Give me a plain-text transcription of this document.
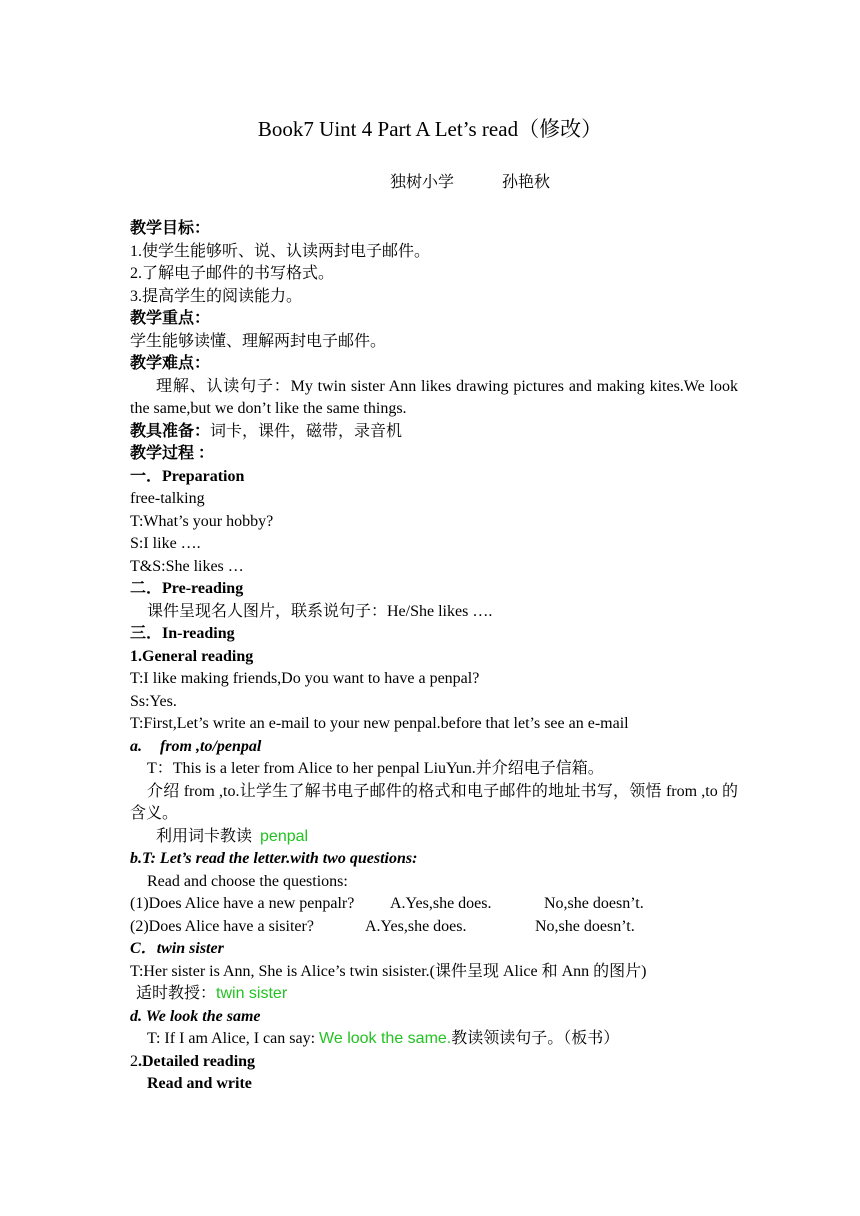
Book7 Uint 4 Part A Let’s read（修改）
独树小学	孙艳秋
教学目标：
1.使学生能够听、说、认读两封电子邮件。
2.了解电子邮件的书写格式。
3.提高学生的阅读能力。
教学重点：
学生能够读懂、理解两封电子邮件。
教学难点：
理解、认读句子：My twin sister Ann likes drawing pictures and making kites.We look the same,but we don’t like the same things.
教具准备：词卡，课件，磁带，录音机
教学过程 ：
一．Preparation
free-talking
T:What’s your hobby?
S:I like ….
T&S:She likes …
二．Pre-reading
课件呈现名人图片，联系说句子：He/She likes ….
三．In-reading
1.General reading
T:I like making friends,Do you want to have a penpal?
Ss:Yes.
T:First,Let’s write an e-mail to your new penpal.before that let’s see an e-mail
a. from ,to/penpal
T：This is a leter from Alice to her penpal LiuYun.并介绍电子信箱。
介绍 from ,to.让学生了解书电子邮件的格式和电子邮件的地址书写，领悟 from ,to 的含义。
利用词卡教读 penpal
b.T: Let’s read the letter.with two questions:
Read and choose the questions:
(1)Does Alice have a new penpalr? A.Yes,she does.	No,she doesn’t.
(2)Does Alice have a sisiter?	A.Yes,she does.	No,she doesn’t.
C．twin sister
T:Her sister is Ann, She is Alice’s twin sisister.(课件呈现 Alice 和 Ann 的图片)
适时教授：twin sister
d. We look the same
T: If I am Alice, I can say: We look the same.教读领读句子。（板书）
2.Detailed reading
Read and write
